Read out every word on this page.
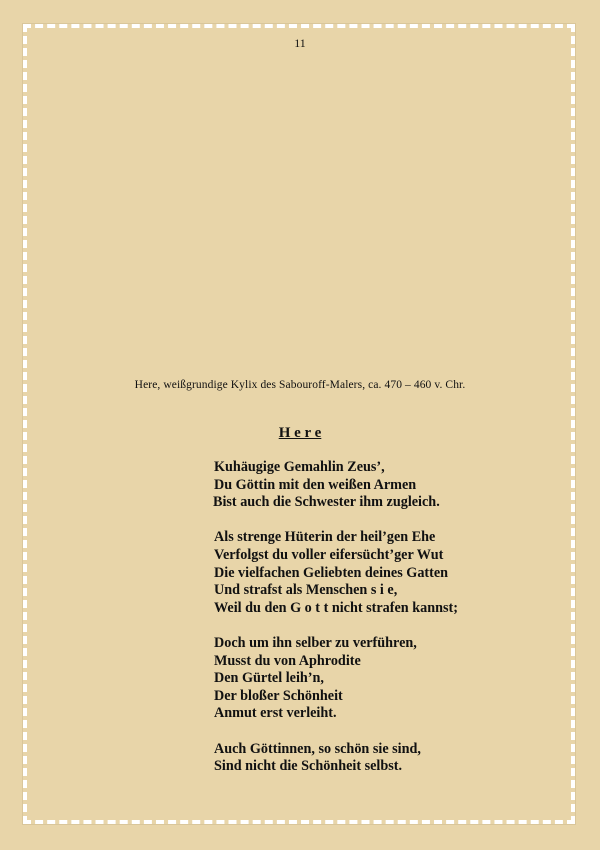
11
Here, weißgrundige Kylix des Sabouroff-Malers, ca. 470 – 460 v. Chr.
H e r e
Kuhäugige Gemahlin Zeus’,
Du Göttin mit den weißen Armen
Bist auch die Schwester ihm zugleich.
Als strenge Hüterin der heil’gen Ehe
Verfolgst du voller eifersücht’ger Wut
Die vielfachen Geliebten deines Gatten
Und strafst als Menschen s i e,
Weil du den G o t t nicht strafen kannst;
Doch um ihn selber zu verführen,
Musst du von Aphrodite
Den Gürtel leih’n,
Der bloßer Schönheit
Anmut erst verleiht.
Auch Göttinnen, so schön sie sind,
Sind nicht die Schönheit selbst.
